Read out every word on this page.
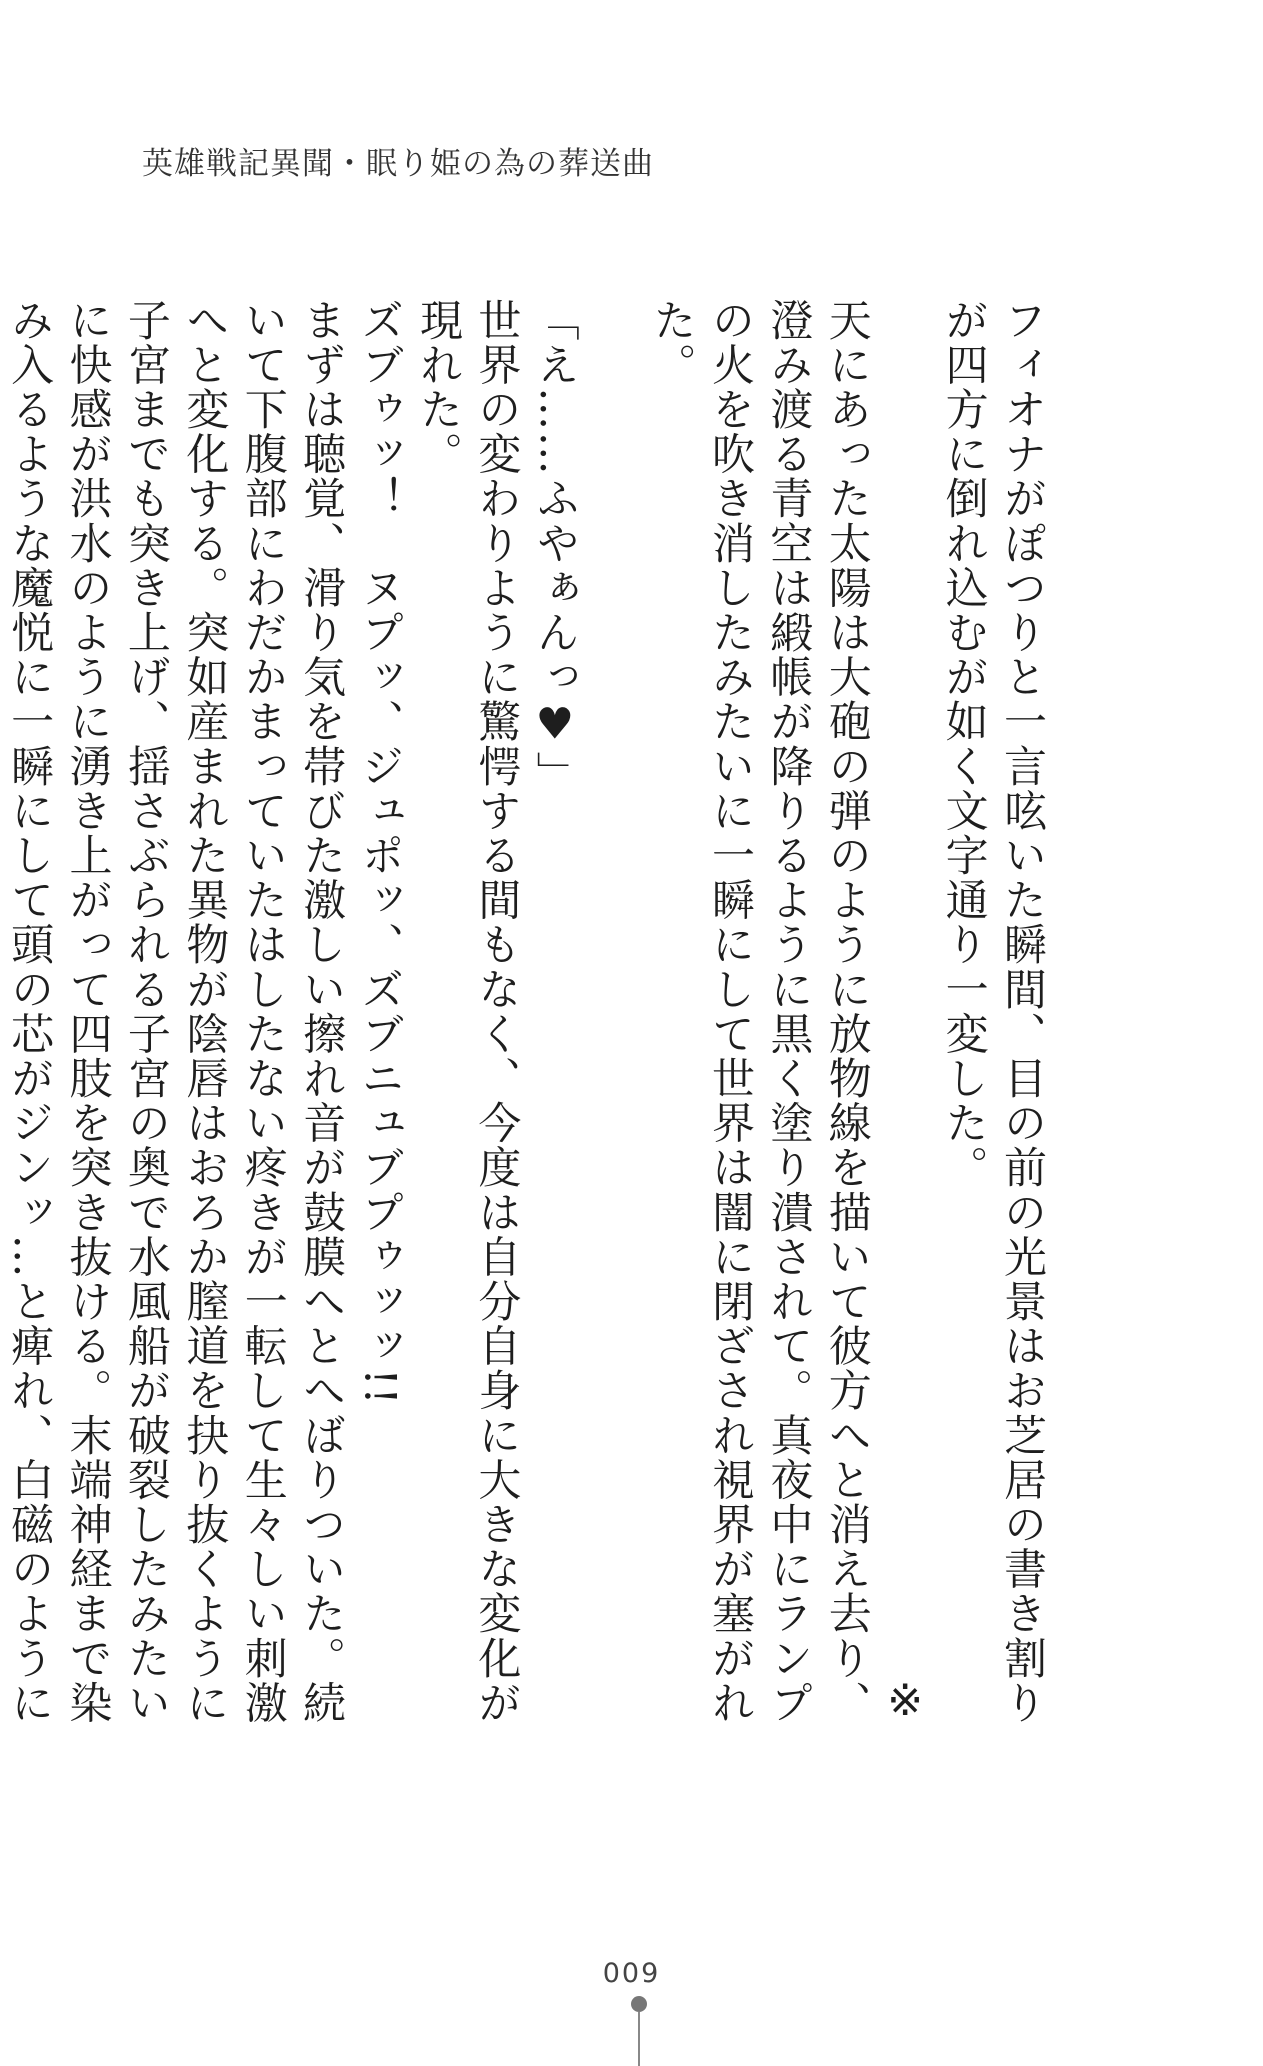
英雄戦記異聞・眠り姫の為の葬送曲

フィオナがぽつりと一言呟いた瞬間、目の前の光景はお芝居の書き割りが四方に倒れ込むが如く文字通り一変した。

※

天にあった太陽は大砲の弾のように放物線を描いて彼方へと消え去り、澄み渡る青空は緞帳が降りるように黒く塗り潰されて。真夜中にランプの火を吹き消したみたいに一瞬にして世界は闇に閉ざされ視界が塞がれた。

「え……ふやぁんっ♥」

世界の変わりように驚愕する間もなく、今度は自分自身に大きな変化が現れた。

ズブゥッ！　ヌプッ、ジュポッ、ズブニュブプゥッッ!!

まずは聴覚、滑り気を帯びた激しい擦れ音が鼓膜へとへばりついた。続いて下腹部にわだかまっていたはしたない疼きが一転して生々しい刺激へと変化する。突如産まれた異物が陰唇はおろか膣道を抉り抜くように子宮までも突き上げ、揺さぶられる子宮の奥で水風船が破裂したみたいに快感が洪水のように湧き上がって四肢を突き抜ける。末端神経まで染み入るような魔悦に一瞬にして頭の芯がジンッ…と痺れ、白磁のように

009
